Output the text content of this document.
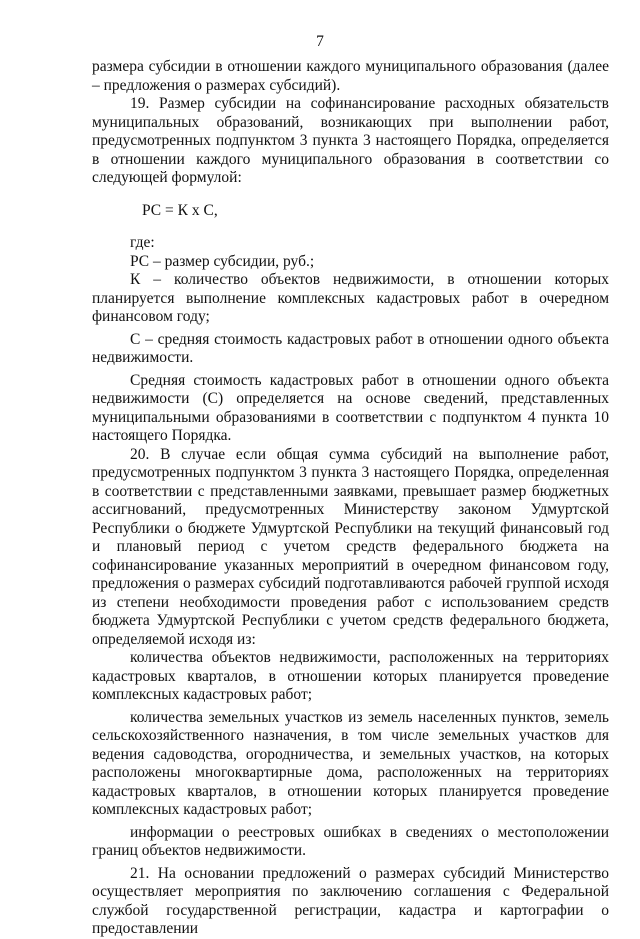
7

размера субсидии в отношении каждого муниципального образования (далее – предложения о размерах субсидий).

19. Размер субсидии на софинансирование расходных обязательств муниципальных образований, возникающих при выполнении работ, предусмотренных подпунктом 3 пункта 3 настоящего Порядка, определяется в отношении каждого муниципального образования в соответствии со следующей формулой:

РС = К х С,

где:

РС – размер субсидии, руб.;

К – количество объектов недвижимости, в отношении которых планируется выполнение комплексных кадастровых работ в очередном финансовом году;

С – средняя стоимость кадастровых работ в отношении одного объекта недвижимости.

Средняя стоимость кадастровых работ в отношении одного объекта недвижимости (С) определяется на основе сведений, представленных муниципальными образованиями в соответствии с подпунктом 4 пункта 10 настоящего Порядка.

20. В случае если общая сумма субсидий на выполнение работ, предусмотренных подпунктом 3 пункта 3 настоящего Порядка, определенная в соответствии с представленными заявками, превышает размер бюджетных ассигнований, предусмотренных Министерству законом Удмуртской Республики о бюджете Удмуртской Республики на текущий финансовый год и плановый период с учетом средств федерального бюджета на софинансирование указанных мероприятий в очередном финансовом году, предложения о размерах субсидий подготавливаются рабочей группой исходя из степени необходимости проведения работ с использованием средств бюджета Удмуртской Республики с учетом средств федерального бюджета, определяемой исходя из:

количества объектов недвижимости, расположенных на территориях кадастровых кварталов, в отношении которых планируется проведение комплексных кадастровых работ;

количества земельных участков из земель населенных пунктов, земель сельскохозяйственного назначения, в том числе земельных участков для ведения садоводства, огородничества, и земельных участков, на которых расположены многоквартирные дома, расположенных на территориях кадастровых кварталов, в отношении которых планируется проведение комплексных кадастровых работ;

информации о реестровых ошибках в сведениях о местоположении границ объектов недвижимости.

21. На основании предложений о размерах субсидий Министерство осуществляет мероприятия по заключению соглашения с Федеральной службой государственной регистрации, кадастра и картографии о предоставлении
